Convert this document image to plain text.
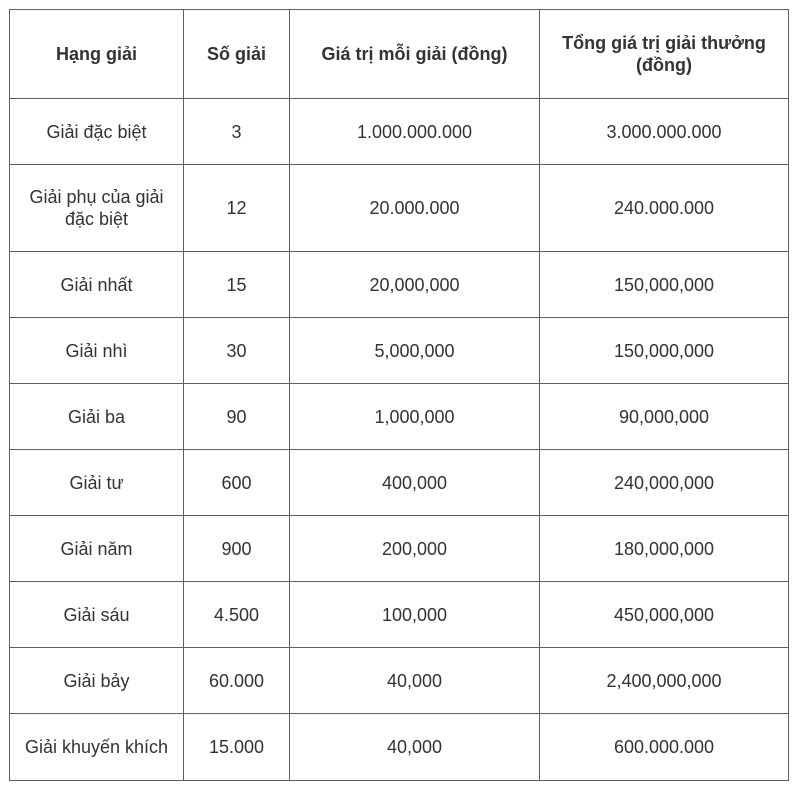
Hạng giải	Số giải	Giá trị mỗi giải (đồng)	Tổng giá trị giải thưởng (đồng)
Giải đặc biệt	3	1.000.000.000	3.000.000.000
Giải phụ của giải đặc biệt	12	20.000.000	240.000.000
Giải nhất	15	20,000,000	150,000,000
Giải nhì	30	5,000,000	150,000,000
Giải ba	90	1,000,000	90,000,000
Giải tư	600	400,000	240,000,000
Giải năm	900	200,000	180,000,000
Giải sáu	4.500	100,000	450,000,000
Giải bảy	60.000	40,000	2,400,000,000
Giải khuyến khích	15.000	40,000	600.000.000
